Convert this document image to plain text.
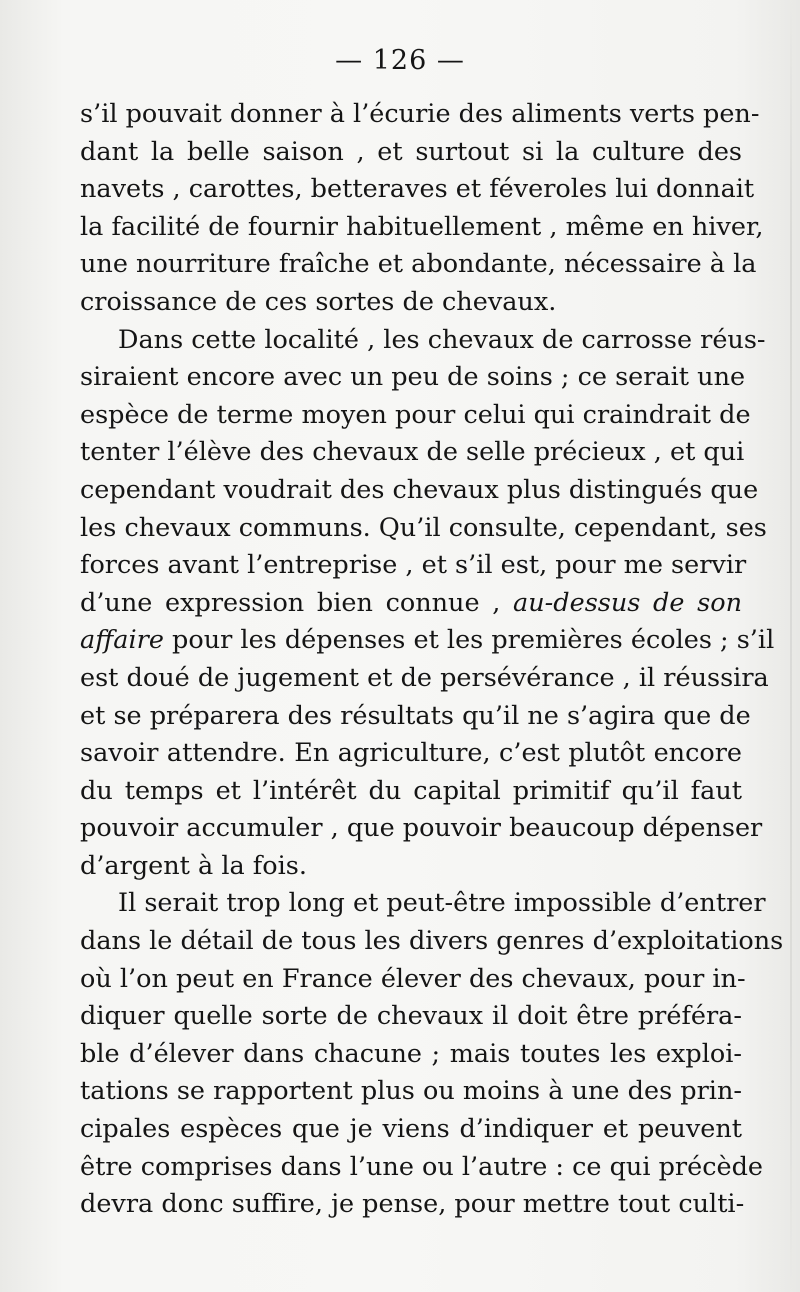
— 126 —
s’il pouvait donner à l’écurie des aliments verts pen-
dant la belle saison , et surtout si la culture des
navets , carottes, betteraves et féveroles lui donnait
la facilité de fournir habituellement , même en hiver,
une nourriture fraîche et abondante, nécessaire à la
croissance de ces sortes de chevaux.
Dans cette localité , les chevaux de carrosse réus-
siraient encore avec un peu de soins ; ce serait une
espèce de terme moyen pour celui qui craindrait de
tenter l’élève des chevaux de selle précieux , et qui
cependant voudrait des chevaux plus distingués que
les chevaux communs. Qu’il consulte, cependant, ses
forces avant l’entreprise , et s’il est, pour me servir
d’une expression bien connue , au-dessus de son
affaire pour les dépenses et les premières écoles ; s’il
est doué de jugement et de persévérance , il réussira
et se préparera des résultats qu’il ne s’agira que de
savoir attendre. En agriculture, c’est plutôt encore
du temps et l’intérêt du capital primitif qu’il faut
pouvoir accumuler , que pouvoir beaucoup dépenser
d’argent à la fois.
Il serait trop long et peut-être impossible d’entrer
dans le détail de tous les divers genres d’exploitations
où l’on peut en France élever des chevaux, pour in-
diquer quelle sorte de chevaux il doit être préféra-
ble d’élever dans chacune ; mais toutes les exploi-
tations se rapportent plus ou moins à une des prin-
cipales espèces que je viens d’indiquer et peuvent
être comprises dans l’une ou l’autre : ce qui précède
devra donc suffire, je pense, pour mettre tout culti-
